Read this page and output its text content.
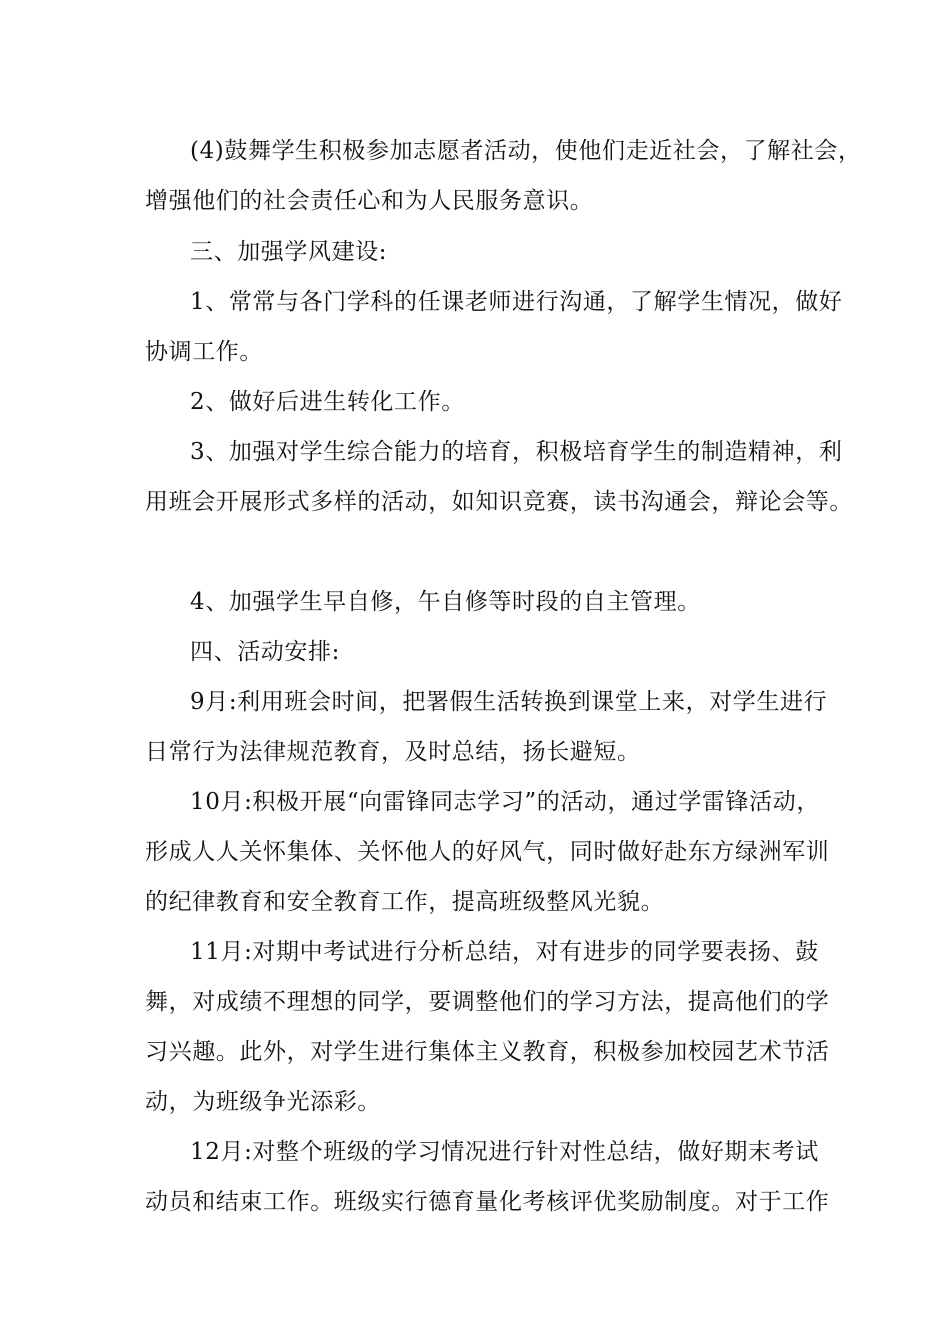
(4)鼓舞学生积极参加志愿者活动，使他们走近社会，了解社会，

增强他们的社会责任心和为人民服务意识。

三、加强学风建设:

1、常常与各门学科的任课老师进行沟通，了解学生情况，做好

协调工作。

2、做好后进生转化工作。

3、加强对学生综合能力的培育，积极培育学生的制造精神，利

用班会开展形式多样的活动，如知识竞赛，读书沟通会，辩论会等。

4、加强学生早自修，午自修等时段的自主管理。

四、活动安排:

9月:利用班会时间，把署假生活转换到课堂上来，对学生进行

日常行为法律规范教育，及时总结，扬长避短。

10月:积极开展“向雷锋同志学习”的活动，通过学雷锋活动，

形成人人关怀集体、关怀他人的好风气，同时做好赴东方绿洲军训

的纪律教育和安全教育工作，提高班级整风光貌。

11月:对期中考试进行分析总结，对有进步的同学要表扬、鼓

舞，对成绩不理想的同学，要调整他们的学习方法，提高他们的学

习兴趣。此外，对学生进行集体主义教育，积极参加校园艺术节活

动，为班级争光添彩。

12月:对整个班级的学习情况进行针对性总结，做好期末考试

动员和结束工作。班级实行德育量化考核评优奖励制度。对于工作
